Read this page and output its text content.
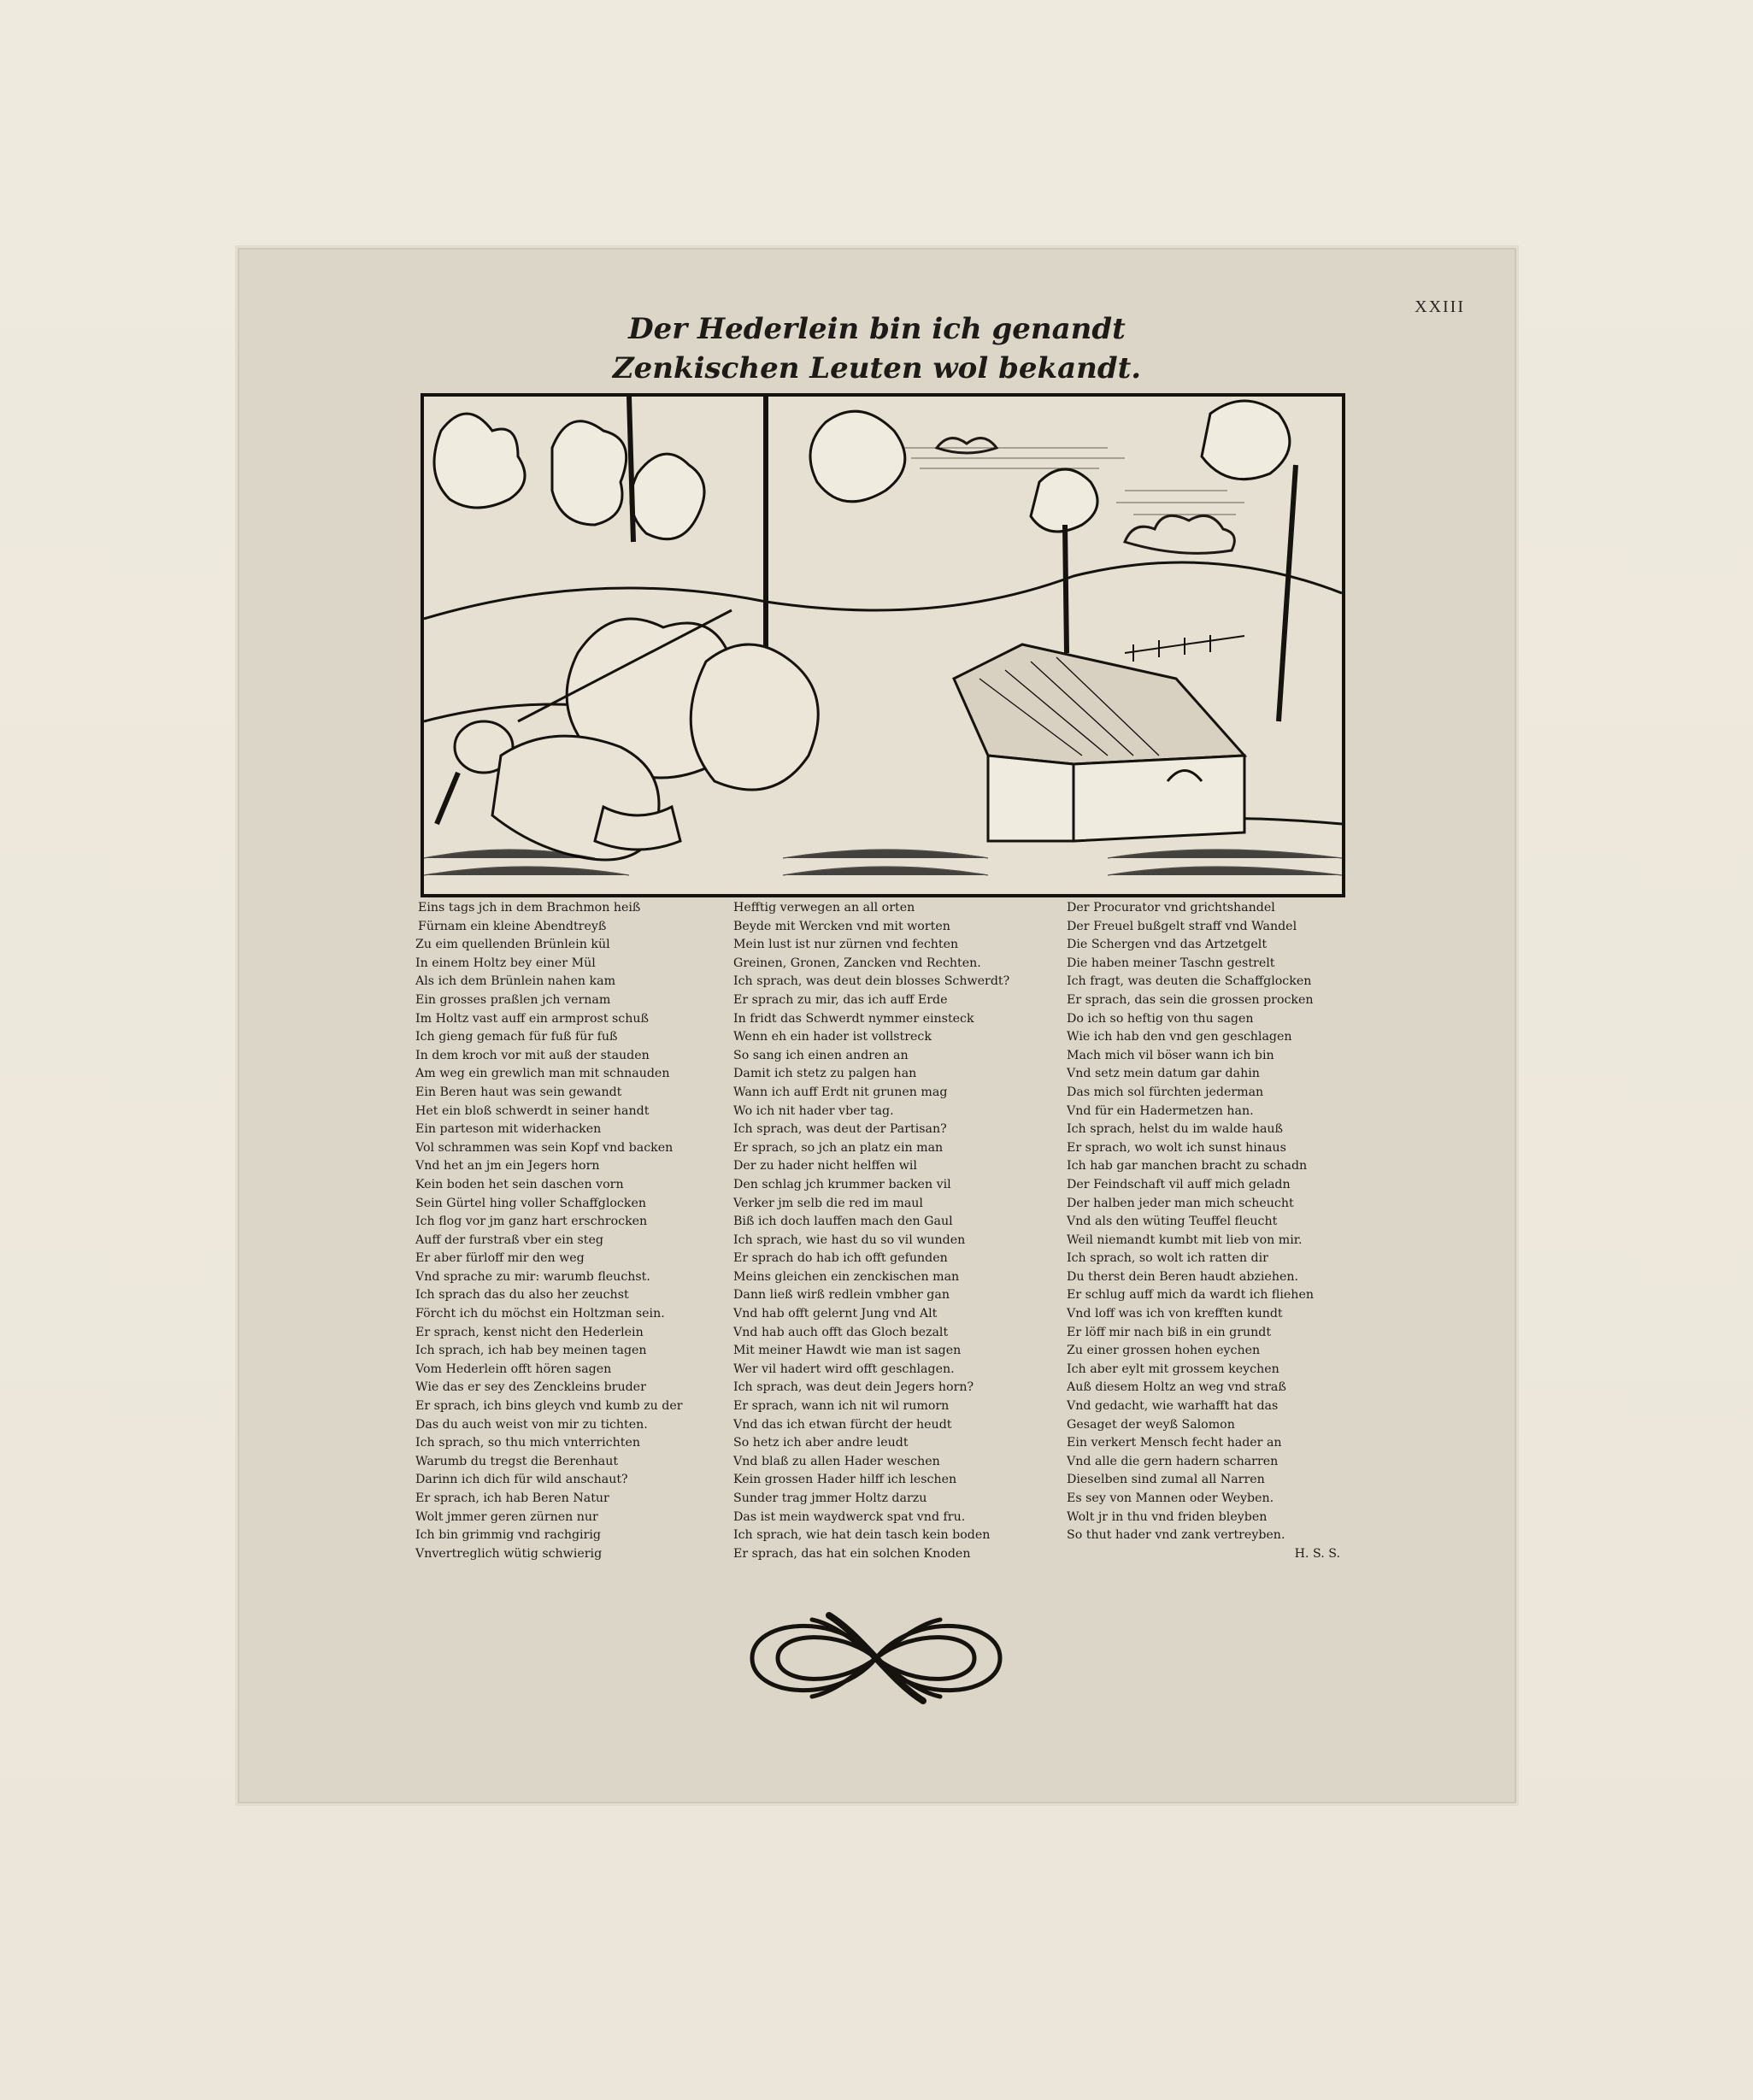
XXIII
Der Hederlein bin ich genandt
Zenkischen Leuten wol bekandt.
Eins tags jch in dem Brachmon heiß
Fürnam ein kleine Abendtreyß
Zu eim quellenden Brünlein kül
In einem Holtz bey einer Mül
Als ich dem Brünlein nahen kam
Ein grosses praßlen jch vernam
Im Holtz vast auff ein armprost schuß
Ich gieng gemach für fuß für fuß
In dem kroch vor mit auß der stauden
Am weg ein grewlich man mit schnauden
Ein Beren haut was sein gewandt
Het ein bloß schwerdt in seiner handt
Ein parteson mit widerhacken
Vol schrammen was sein Kopf vnd backen
Vnd het an jm ein Jegers horn
Kein boden het sein daschen vorn
Sein Gürtel hing voller Schaffglocken
Ich flog vor jm ganz hart erschrocken
Auff der furstraß vber ein steg
Er aber fürloff mir den weg
Vnd sprache zu mir: warumb fleuchst.
Ich sprach das du also her zeuchst
Förcht ich du möchst ein Holtzman sein.
Er sprach, kenst nicht den Hederlein
Ich sprach, ich hab bey meinen tagen
Vom Hederlein offt hören sagen
Wie das er sey des Zenckleins bruder
Er sprach, ich bins gleych vnd kumb zu der
Das du auch weist von mir zu tichten.
Ich sprach, so thu mich vnterrichten
Warumb du tregst die Berenhaut
Darinn ich dich für wild anschaut?
Er sprach, ich hab Beren Natur
Wolt jmmer geren zürnen nur
Ich bin grimmig vnd rachgirig
Vnvertreglich wütig schwierig
Hefftig verwegen an all orten
Beyde mit Wercken vnd mit worten
Mein lust ist nur zürnen vnd fechten
Greinen, Gronen, Zancken vnd Rechten.
Ich sprach, was deut dein blosses Schwerdt?
Er sprach zu mir, das ich auff Erde
In fridt das Schwerdt nymmer einsteck
Wenn eh ein hader ist vollstreck
So sang ich einen andren an
Damit ich stetz zu palgen han
Wann ich auff Erdt nit grunen mag
Wo ich nit hader vber tag.
Ich sprach, was deut der Partisan?
Er sprach, so jch an platz ein man
Der zu hader nicht helffen wil
Den schlag jch krummer backen vil
Verker jm selb die red im maul
Biß ich doch lauffen mach den Gaul
Ich sprach, wie hast du so vil wunden
Er sprach do hab ich offt gefunden
Meins gleichen ein zenckischen man
Dann ließ wirß redlein vmbher gan
Vnd hab offt gelernt Jung vnd Alt
Vnd hab auch offt das Gloch bezalt
Mit meiner Hawdt wie man ist sagen
Wer vil hadert wird offt geschlagen.
Ich sprach, was deut dein Jegers horn?
Er sprach, wann ich nit wil rumorn
Vnd das ich etwan fürcht der heudt
So hetz ich aber andre leudt
Vnd blaß zu allen Hader weschen
Kein grossen Hader hilff ich leschen
Sunder trag jmmer Holtz darzu
Das ist mein waydwerck spat vnd fru.
Ich sprach, wie hat dein tasch kein boden
Er sprach, das hat ein solchen Knoden
Der Procurator vnd grichtshandel
Der Freuel bußgelt straff vnd Wandel
Die Schergen vnd das Artzetgelt
Die haben meiner Taschn gestrelt
Ich fragt, was deuten die Schaffglocken
Er sprach, das sein die grossen procken
Do ich so heftig von thu sagen
Wie ich hab den vnd gen geschlagen
Mach mich vil böser wann ich bin
Vnd setz mein datum gar dahin
Das mich sol fürchten jederman
Vnd für ein Hadermetzen han.
Ich sprach, helst du im walde hauß
Er sprach, wo wolt ich sunst hinaus
Ich hab gar manchen bracht zu schadn
Der Feindschaft vil auff mich geladn
Der halben jeder man mich scheucht
Vnd als den wüting Teuffel fleucht
Weil niemandt kumbt mit lieb von mir.
Ich sprach, so wolt ich ratten dir
Du therst dein Beren haudt abziehen.
Er schlug auff mich da wardt ich fliehen
Vnd loff was ich von krefften kundt
Er löff mir nach biß in ein grundt
Zu einer grossen hohen eychen
Ich aber eylt mit grossem keychen
Auß diesem Holtz an weg vnd straß
Vnd gedacht, wie warhafft hat das
Gesaget der weyß Salomon
Ein verkert Mensch fecht hader an
Vnd alle die gern hadern scharren
Dieselben sind zumal all Narren
Es sey von Mannen oder Weyben.
Wolt jr in thu vnd friden bleyben
So thut hader vnd zank vertreyben.
H. S. S.
